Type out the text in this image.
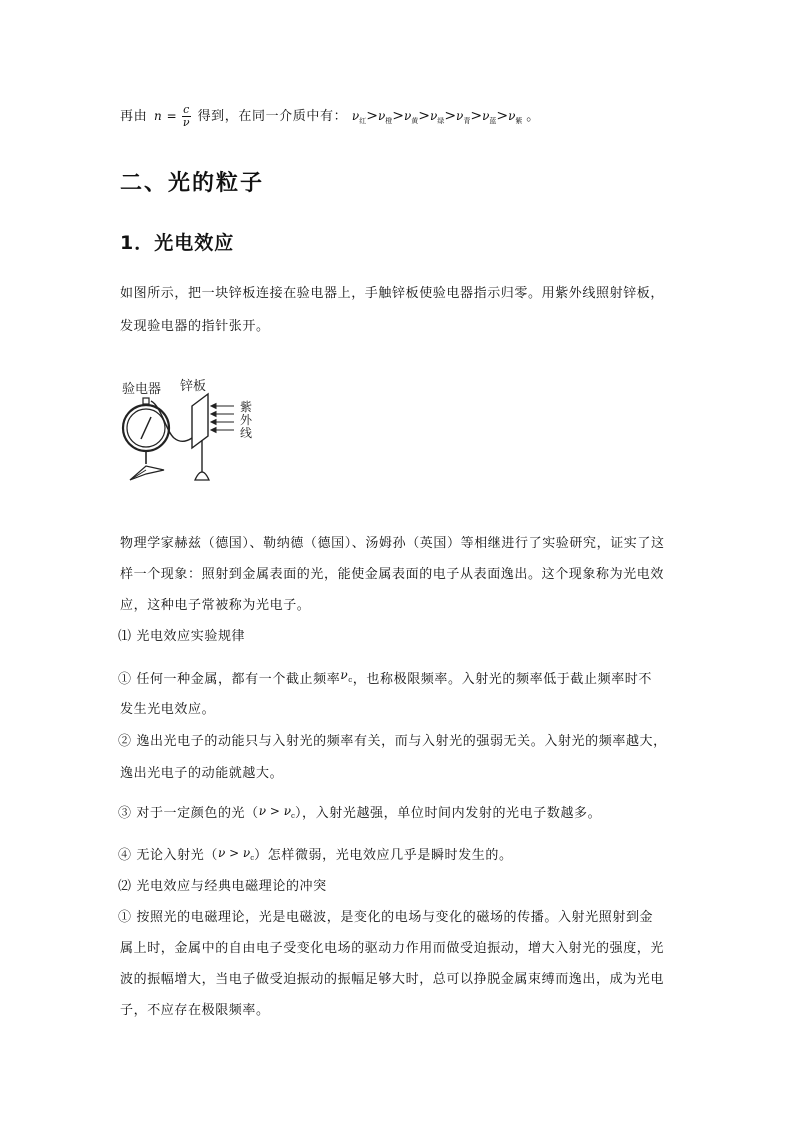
再由 $n = \frac{c}{\nu}$ 得到，在同一介质中有： $\nu_红>\nu_橙>\nu_黄>\nu_绿>\nu_青>\nu_蓝>\nu_紫$ 。
二、光的粒子
1．光电效应
如图所示，把一块锌板连接在验电器上，手触锌板使验电器指示归零。用紫外线照射锌板，
发现验电器的指针张开。
验电器 锌板
紫
外
线
物理学家赫兹（德国）、勒纳德（德国）、汤姆孙（英国）等相继进行了实验研究，证实了这
样一个现象：照射到金属表面的光，能使金属表面的电子从表面逸出。这个现象称为光电效
应，这种电子常被称为光电子。
⑴ 光电效应实验规律
① 任何一种金属，都有一个截止频率$\nu_c$，也称极限频率。入射光的频率低于截止频率时不
发生光电效应。
② 逸出光电子的动能只与入射光的频率有关，而与入射光的强弱无关。入射光的频率越大，
逸出光电子的动能就越大。
③ 对于一定颜色的光$(\nu > \nu_c)$，入射光越强，单位时间内发射的光电子数越多。
④ 无论入射光$(\nu > \nu_c)$怎样微弱，光电效应几乎是瞬时发生的。
⑵ 光电效应与经典电磁理论的冲突
① 按照光的电磁理论，光是电磁波，是变化的电场与变化的磁场的传播。入射光照射到金
属上时，金属中的自由电子受变化电场的驱动力作用而做受迫振动，增大入射光的强度，光
波的振幅增大，当电子做受迫振动的振幅足够大时，总可以挣脱金属束缚而逸出，成为光电
子，不应存在极限频率。
